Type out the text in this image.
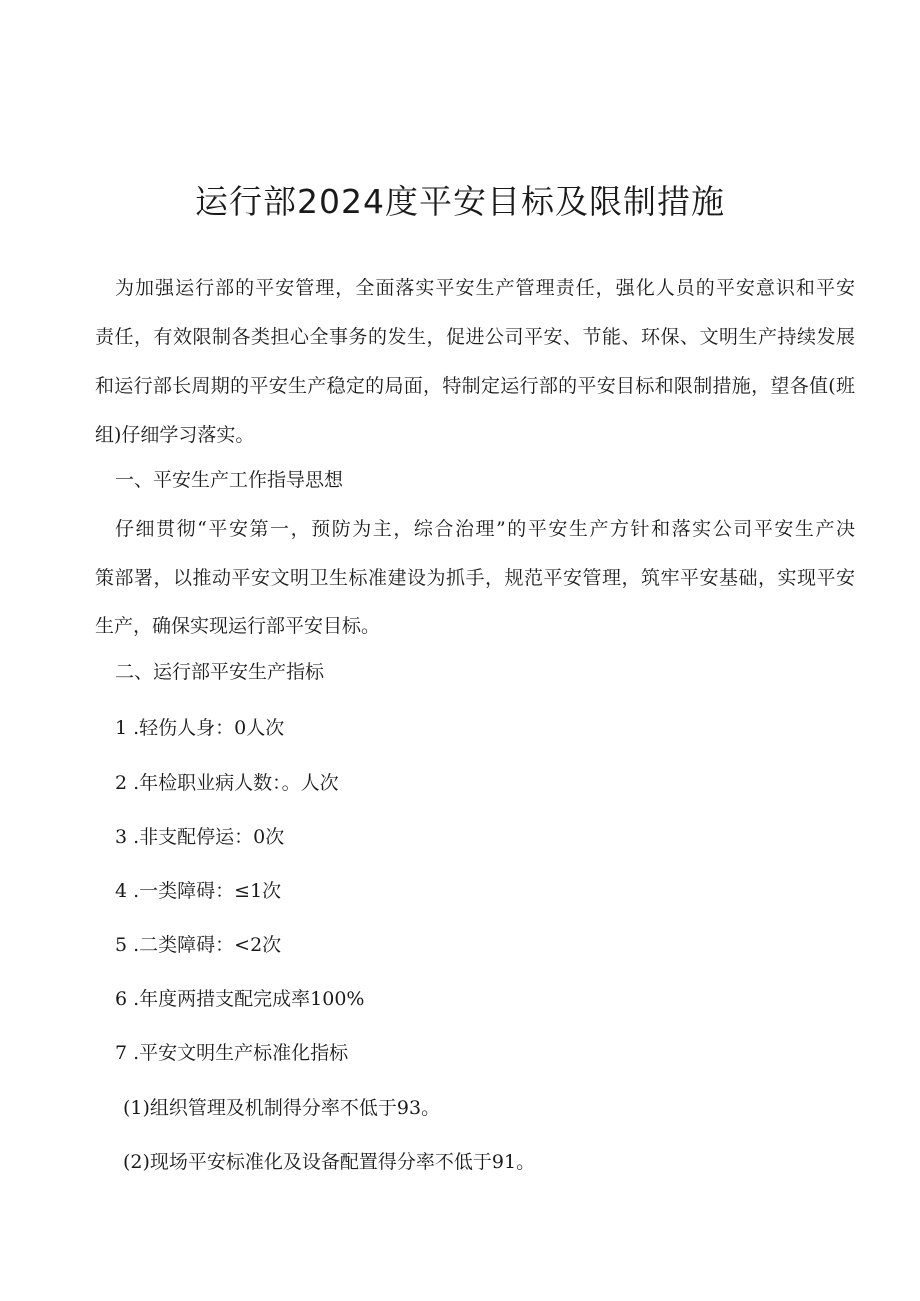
运行部2024度平安目标及限制措施
为加强运行部的平安管理，全面落实平安生产管理责任，强化人员的平安意识和平安
责任，有效限制各类担心全事务的发生，促进公司平安、节能、环保、文明生产持续发展
和运行部长周期的平安生产稳定的局面，特制定运行部的平安目标和限制措施，望各值(班
组)仔细学习落实。
一、平安生产工作指导思想
仔细贯彻“平安第一，预防为主，综合治理”的平安生产方针和落实公司平安生产决
策部署，以推动平安文明卫生标准建设为抓手，规范平安管理，筑牢平安基础，实现平安
生产，确保实现运行部平安目标。
二、运行部平安生产指标
1 .轻伤人身：0人次
2 .年检职业病人数：。人次
3 .非支配停运：0次
4 .一类障碍：≤1次
5 .二类障碍：<2次
6 .年度两措支配完成率100%
7 .平安文明生产标准化指标
(1)组织管理及机制得分率不低于93。
(2)现场平安标准化及设备配置得分率不低于91。
